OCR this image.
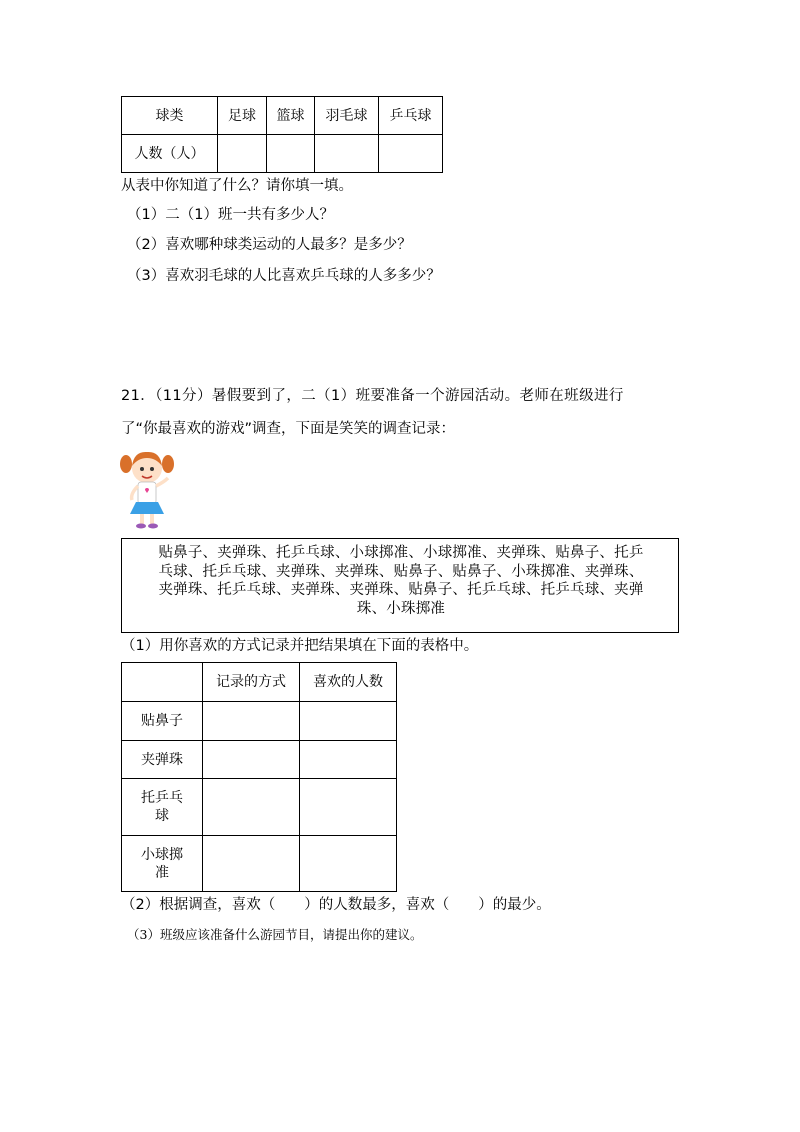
球类	足球	篮球	羽毛球	乒乓球
人数（人）				
从表中你知道了什么？请你填一填。
（1）二（1）班一共有多少人？
（2）喜欢哪种球类运动的人最多？是多少？
（3）喜欢羽毛球的人比喜欢乒乓球的人多多少？
21．（11分）暑假要到了，二（1）班要准备一个游园活动。老师在班级进行
了“你最喜欢的游戏”调查，下面是笑笑的调查记录：
贴鼻子、夹弹珠、托乒乓球、小球掷准、小球掷准、夹弹珠、贴鼻子、托乒
乓球、托乒乓球、夹弹珠、夹弹珠、贴鼻子、贴鼻子、小珠掷准、夹弹珠、
夹弹珠、托乒乓球、夹弹珠、夹弹珠、贴鼻子、托乒乓球、托乒乓球、夹弹
珠、小珠掷准
（1）用你喜欢的方式记录并把结果填在下面的表格中。
	记录的方式	喜欢的人数
贴鼻子		
夹弹珠		

托乒乓
球		

小球掷
准		

（2）根据调查，喜欢（　　）的人数最多，喜欢（　　）的最少。
（3）班级应该准备什么游园节目，请提出你的建议。
